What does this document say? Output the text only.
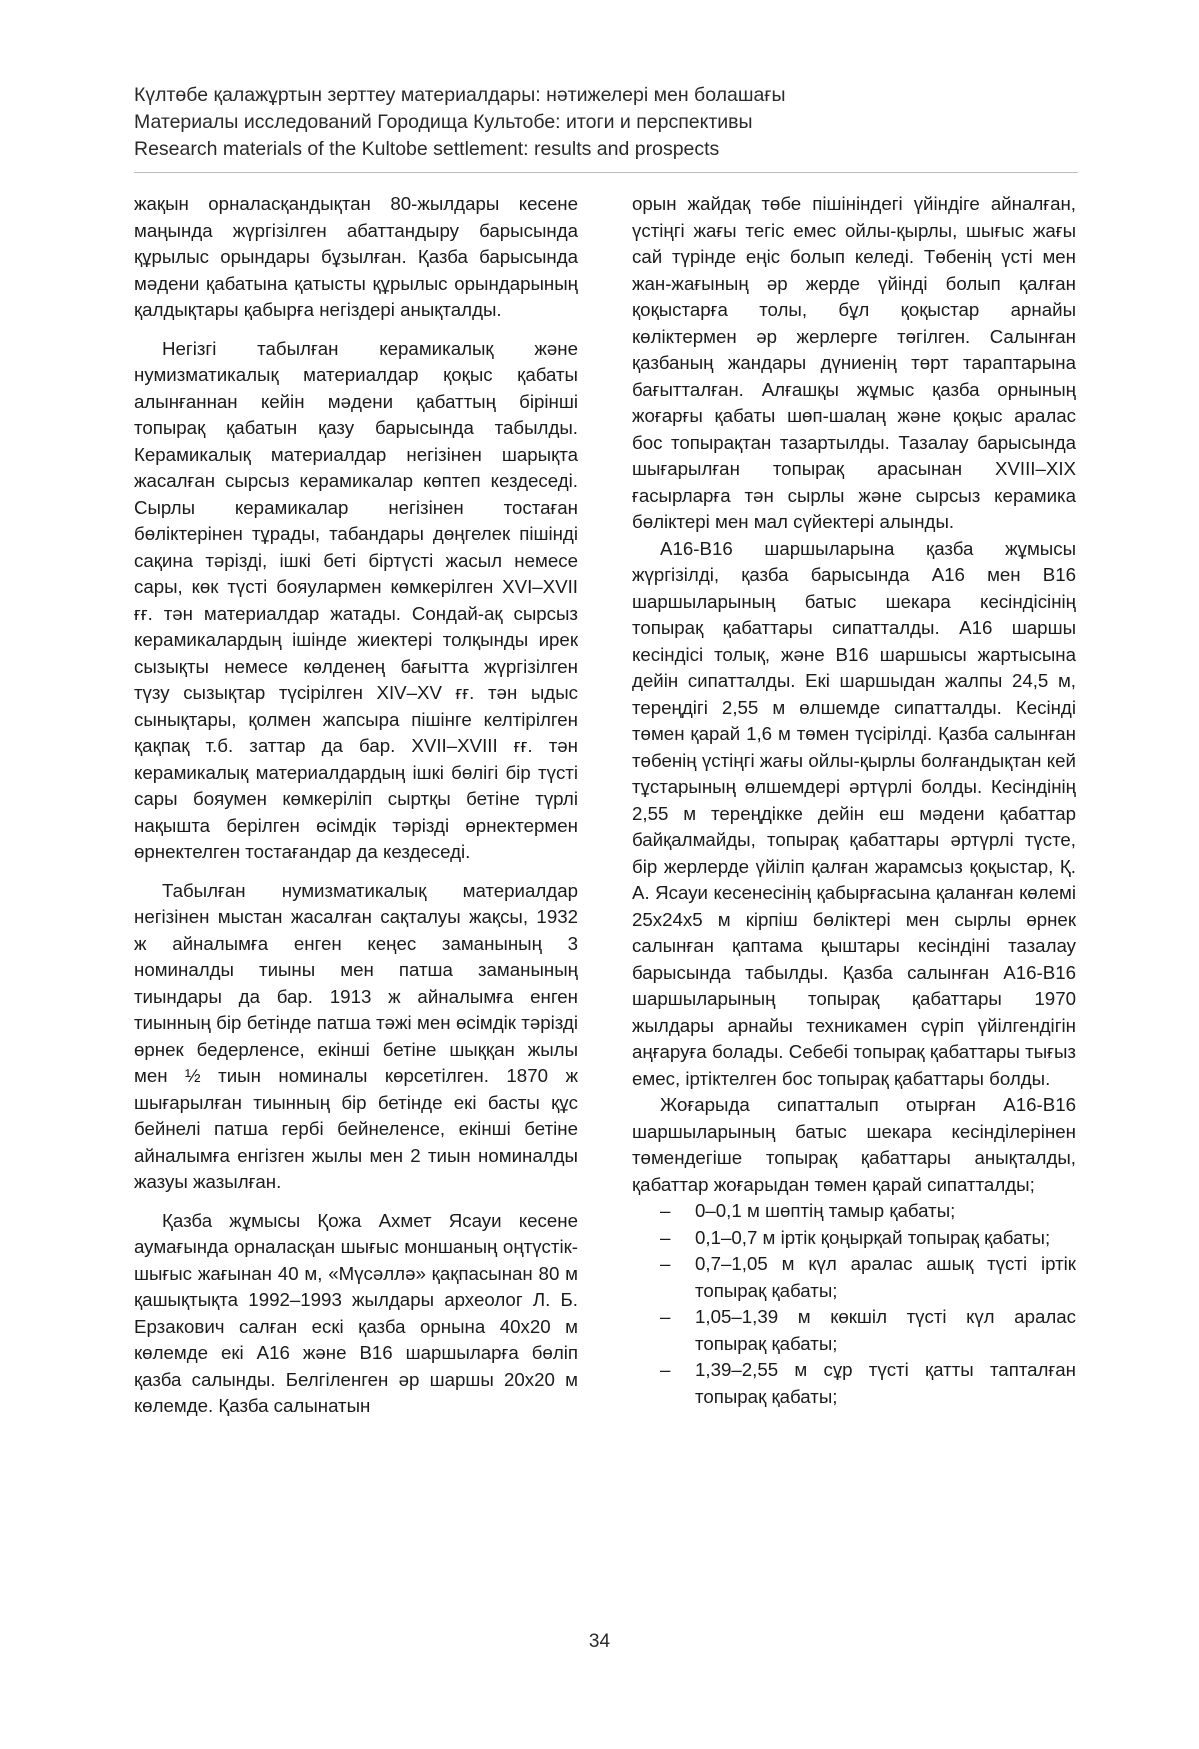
Күлтөбе қалажұртын зерттеу материалдары: нәтижелері мен болашағы
Материалы исследований Городища Культобе: итоги и перспективы
Research materials of the Kultobe settlement: results and prospects

жақын орналасқандықтан 80-жылдары кесене маңында жүргізілген абаттандыру барысында құрылыс орындары бұзылған. Қазба барысында мәдени қабатына қатысты құрылыс орындарының қалдықтары қабырға негіздері анықталды.

Негізгі табылған керамикалық және нумизматикалық материалдар қоқыс қабаты алынғаннан кейін мәдени қабаттың бірінші топырақ қабатын қазу барысында табылды. Керамикалық материалдар негізінен шарықта жасалған сырсыз керамикалар көптеп кездеседі. Сырлы керамикалар негізінен тостаған бөліктерінен тұрады, табандары дөңгелек пішінді сақина тәрізді, ішкі беті біртүсті жасыл немесе сары, көк түсті бояулармен көмкерілген XVI–XVII ғғ. тән материалдар жатады. Сондай-ақ сырсыз керамикалардың ішінде жиектері толқынды ирек сызықты немесе көлденең бағытта жүргізілген түзу сызықтар түсірілген XIV–XV ғғ. тән ыдыс сынықтары, қолмен жапсыра пішінге келтірілген қақпақ т.б. заттар да бар. XVII–XVIII ғғ. тән керамикалық материалдардың ішкі бөлігі бір түсті сары бояумен көмкеріліп сыртқы бетіне түрлі нақышта берілген өсімдік тәрізді өрнектермен өрнектелген тостағандар да кездеседі.

Табылған нумизматикалық материалдар негізінен мыстан жасалған сақталуы жақсы, 1932 ж айналымға енген кеңес заманының 3 номиналды тиыны мен патша заманының тиындары да бар. 1913 ж айналымға енген тиынның бір бетінде патша тәжі мен өсімдік тәрізді өрнек бедерленсе, екінші бетіне шыққан жылы мен ½ тиын номиналы көрсетілген. 1870 ж шығарылған тиынның бір бетінде екі басты құс бейнелі патша гербі бейнеленсе, екінші бетіне айналымға енгізген жылы мен 2 тиын номиналды жазуы жазылған.

Қазба жұмысы Қожа Ахмет Ясауи кесене аумағында орналасқан шығыс моншаның оңтүстік-шығыс жағынан 40 м, «Мүсәллә» қақпасынан 80 м қашықтықта 1992–1993 жылдары археолог Л. Б. Ерзакович салған ескі қазба орнына 40х20 м көлемде екі А16 және В16 шаршыларға бөліп қазба салынды. Белгіленген әр шаршы 20х20 м көлемде. Қазба салынатын

орын жайдақ төбе пішініндегі үйіндіге айналған, үстіңгі жағы тегіс емес ойлы-қырлы, шығыс жағы сай түрінде еңіс болып келеді. Төбенің үсті мен жан-жағының әр жерде үйінді болып қалған қоқыстарға толы, бұл қоқыстар арнайы көліктермен әр жерлерге төгілген. Салынған қазбаның жандары дүниенің төрт тараптарына бағытталған. Алғашқы жұмыс қазба орнының жоғарғы қабаты шөп-шалаң және қоқыс аралас бос топырақтан тазартылды. Тазалау барысында шығарылған топырақ арасынан XVIII–XIX ғасырларға тән сырлы және сырсыз керамика бөліктері мен мал сүйектері алынды.

А16-В16 шаршыларына қазба жұмысы жүргізілді, қазба барысында А16 мен В16 шаршыларының батыс шекара кесіндісінің топырақ қабаттары сипатталды. А16 шаршы кесіндісі толық, және В16 шаршысы жартысына дейін сипатталды. Екі шаршыдан жалпы 24,5 м, тереңдігі 2,55 м өлшемде сипатталды. Кесінді төмен қарай 1,6 м төмен түсірілді. Қазба салынған төбенің үстіңгі жағы ойлы-қырлы болғандықтан кей тұстарының өлшемдері әртүрлі болды. Кесіндінің 2,55 м тереңдікке дейін еш мәдени қабаттар байқалмайды, топырақ қабаттары әртүрлі түсте, бір жерлерде үйіліп қалған жарамсыз қоқыстар, Қ. А. Ясауи кесенесінің қабырғасына қаланған көлемі 25х24х5 м кірпіш бөліктері мен сырлы өрнек салынған қаптама қыштары кесіндіні тазалау барысында табылды. Қазба салынған А16-В16 шаршыларының топырақ қабаттары 1970 жылдары арнайы техникамен сүріп үйілгендігін аңғаруға болады. Себебі топырақ қабаттары тығыз емес, іртіктелген бос топырақ қабаттары болды.

Жоғарыда сипатталып отырған А16-В16 шаршыларының батыс шекара кесінділерінен төмендегіше топырақ қабаттары анықталды, қабаттар жоғарыдан төмен қарай сипатталды;

– 0–0,1 м шөптің тамыр қабаты;
– 0,1–0,7 м іртік қоңырқай топырақ қабаты;
– 0,7–1,05 м күл аралас ашық түсті іртік топырақ қабаты;
– 1,05–1,39 м көкшіл түсті күл аралас топырақ қабаты;
– 1,39–2,55 м сұр түсті қатты тапталған топырақ қабаты;
34
